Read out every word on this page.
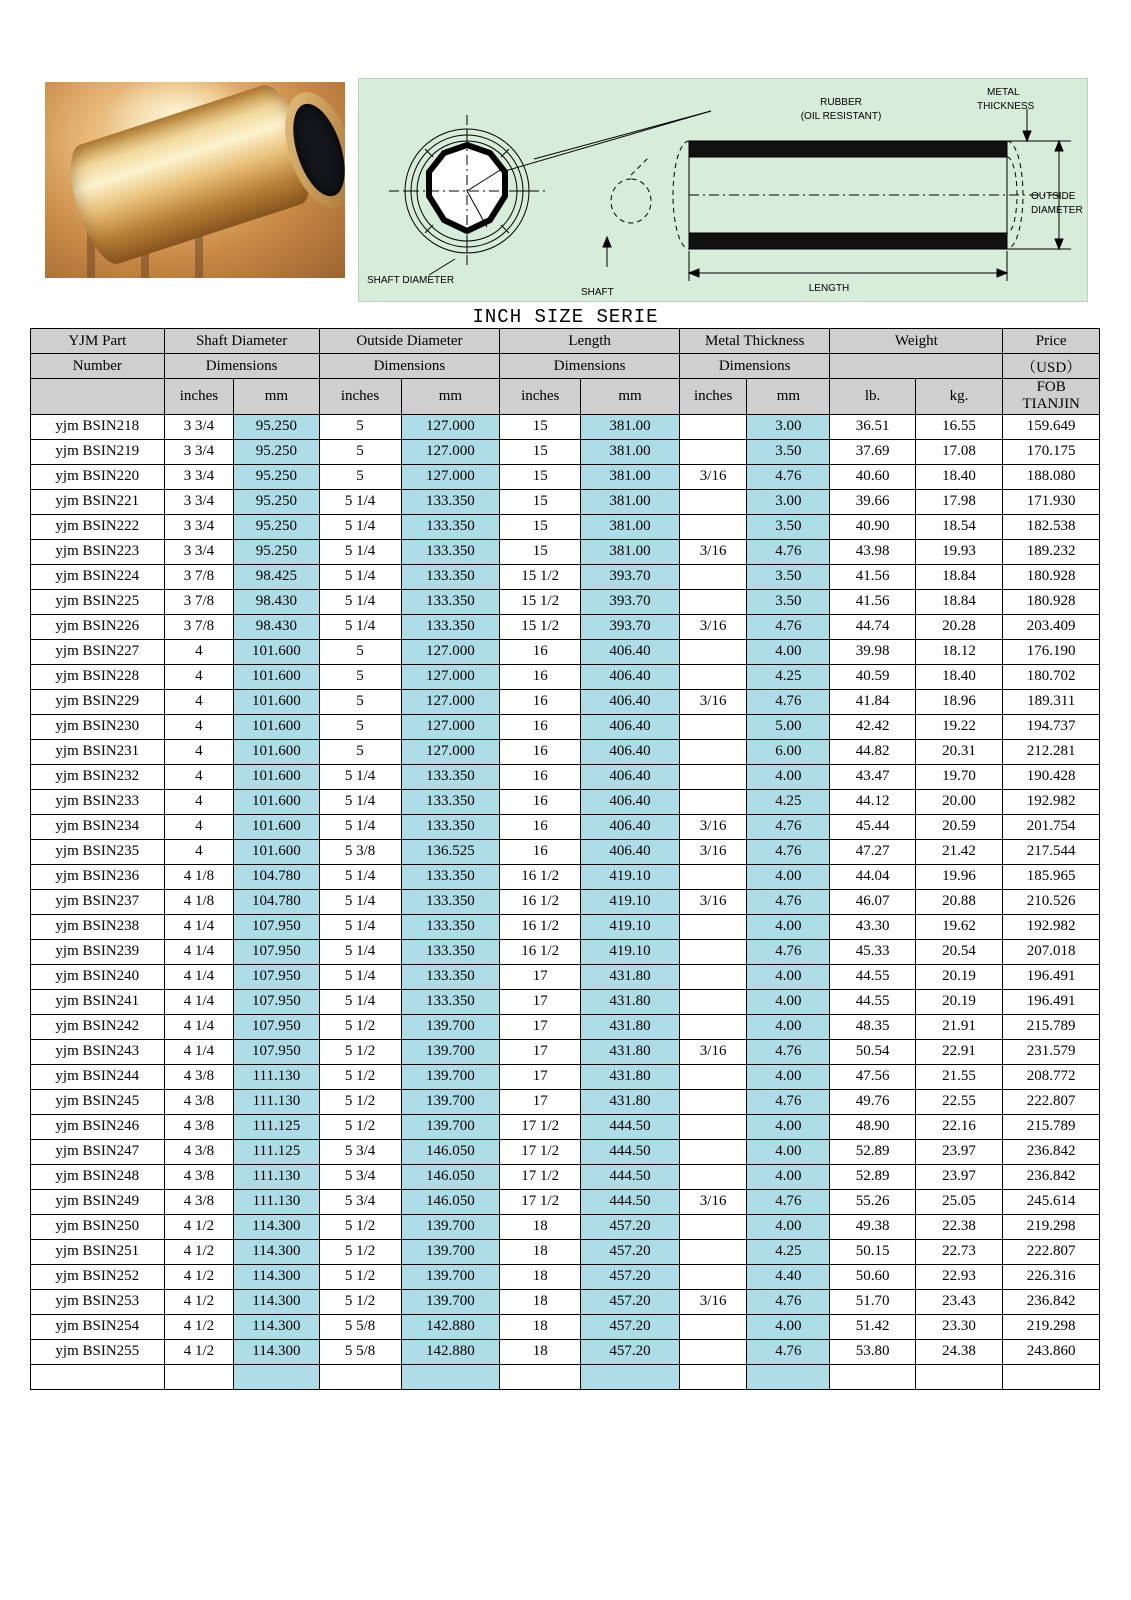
RUBBER
(OIL RESISTANT)
METAL
THICKNESS
OUTSIDE
DIAMETER
SHAFT DIAMETER
SHAFT	LENGTH
INCH SIZE SERIE
YJM Part	Shaft Diameter		Outside Diameter		Length		Metal Thickness		Weight		Price
Number	Dimensions		Dimensions		Dimensions		Dimensions				（USD）
	inches	mm	inches	mm	inches	mm	inches	mm	lb.	kg.	FOB
TIANJIN

yjm BSIN218	3 3/4	95.250	5	127.000	15	381.00		3.00	36.51	16.55	159.649
yjm BSIN219	3 3/4	95.250	5	127.000	15	381.00		3.50	37.69	17.08	170.175
yjm BSIN220	3 3/4	95.250	5	127.000	15	381.00	3/16	4.76	40.60	18.40	188.080
yjm BSIN221	3 3/4	95.250	5 1/4	133.350	15	381.00		3.00	39.66	17.98	171.930
yjm BSIN222	3 3/4	95.250	5 1/4	133.350	15	381.00		3.50	40.90	18.54	182.538
yjm BSIN223	3 3/4	95.250	5 1/4	133.350	15	381.00	3/16	4.76	43.98	19.93	189.232
yjm BSIN224	3 7/8	98.425	5 1/4	133.350	15 1/2	393.70		3.50	41.56	18.84	180.928
yjm BSIN225	3 7/8	98.430	5 1/4	133.350	15 1/2	393.70		3.50	41.56	18.84	180.928
yjm BSIN226	3 7/8	98.430	5 1/4	133.350	15 1/2	393.70	3/16	4.76	44.74	20.28	203.409
yjm BSIN227	4	101.600	5	127.000	16	406.40		4.00	39.98	18.12	176.190
yjm BSIN228	4	101.600	5	127.000	16	406.40		4.25	40.59	18.40	180.702
yjm BSIN229	4	101.600	5	127.000	16	406.40	3/16	4.76	41.84	18.96	189.311
yjm BSIN230	4	101.600	5	127.000	16	406.40		5.00	42.42	19.22	194.737
yjm BSIN231	4	101.600	5	127.000	16	406.40		6.00	44.82	20.31	212.281
yjm BSIN232	4	101.600	5 1/4	133.350	16	406.40		4.00	43.47	19.70	190.428
yjm BSIN233	4	101.600	5 1/4	133.350	16	406.40		4.25	44.12	20.00	192.982
yjm BSIN234	4	101.600	5 1/4	133.350	16	406.40	3/16	4.76	45.44	20.59	201.754
yjm BSIN235	4	101.600	5 3/8	136.525	16	406.40	3/16	4.76	47.27	21.42	217.544
yjm BSIN236	4 1/8	104.780	5 1/4	133.350	16 1/2	419.10		4.00	44.04	19.96	185.965
yjm BSIN237	4 1/8	104.780	5 1/4	133.350	16 1/2	419.10	3/16	4.76	46.07	20.88	210.526
yjm BSIN238	4 1/4	107.950	5 1/4	133.350	16 1/2	419.10		4.00	43.30	19.62	192.982
yjm BSIN239	4 1/4	107.950	5 1/4	133.350	16 1/2	419.10		4.76	45.33	20.54	207.018
yjm BSIN240	4 1/4	107.950	5 1/4	133.350	17	431.80		4.00	44.55	20.19	196.491
yjm BSIN241	4 1/4	107.950	5 1/4	133.350	17	431.80		4.00	44.55	20.19	196.491
yjm BSIN242	4 1/4	107.950	5 1/2	139.700	17	431.80		4.00	48.35	21.91	215.789
yjm BSIN243	4 1/4	107.950	5 1/2	139.700	17	431.80	3/16	4.76	50.54	22.91	231.579
yjm BSIN244	4 3/8	111.130	5 1/2	139.700	17	431.80		4.00	47.56	21.55	208.772
yjm BSIN245	4 3/8	111.130	5 1/2	139.700	17	431.80		4.76	49.76	22.55	222.807
yjm BSIN246	4 3/8	111.125	5 1/2	139.700	17 1/2	444.50		4.00	48.90	22.16	215.789
yjm BSIN247	4 3/8	111.125	5 3/4	146.050	17 1/2	444.50		4.00	52.89	23.97	236.842
yjm BSIN248	4 3/8	111.130	5 3/4	146.050	17 1/2	444.50		4.00	52.89	23.97	236.842
yjm BSIN249	4 3/8	111.130	5 3/4	146.050	17 1/2	444.50	3/16	4.76	55.26	25.05	245.614
yjm BSIN250	4 1/2	114.300	5 1/2	139.700	18	457.20		4.00	49.38	22.38	219.298
yjm BSIN251	4 1/2	114.300	5 1/2	139.700	18	457.20		4.25	50.15	22.73	222.807
yjm BSIN252	4 1/2	114.300	5 1/2	139.700	18	457.20		4.40	50.60	22.93	226.316
yjm BSIN253	4 1/2	114.300	5 1/2	139.700	18	457.20	3/16	4.76	51.70	23.43	236.842
yjm BSIN254	4 1/2	114.300	5 5/8	142.880	18	457.20		4.00	51.42	23.30	219.298
yjm BSIN255	4 1/2	114.300	5 5/8	142.880	18	457.20		4.76	53.80	24.38	243.860
